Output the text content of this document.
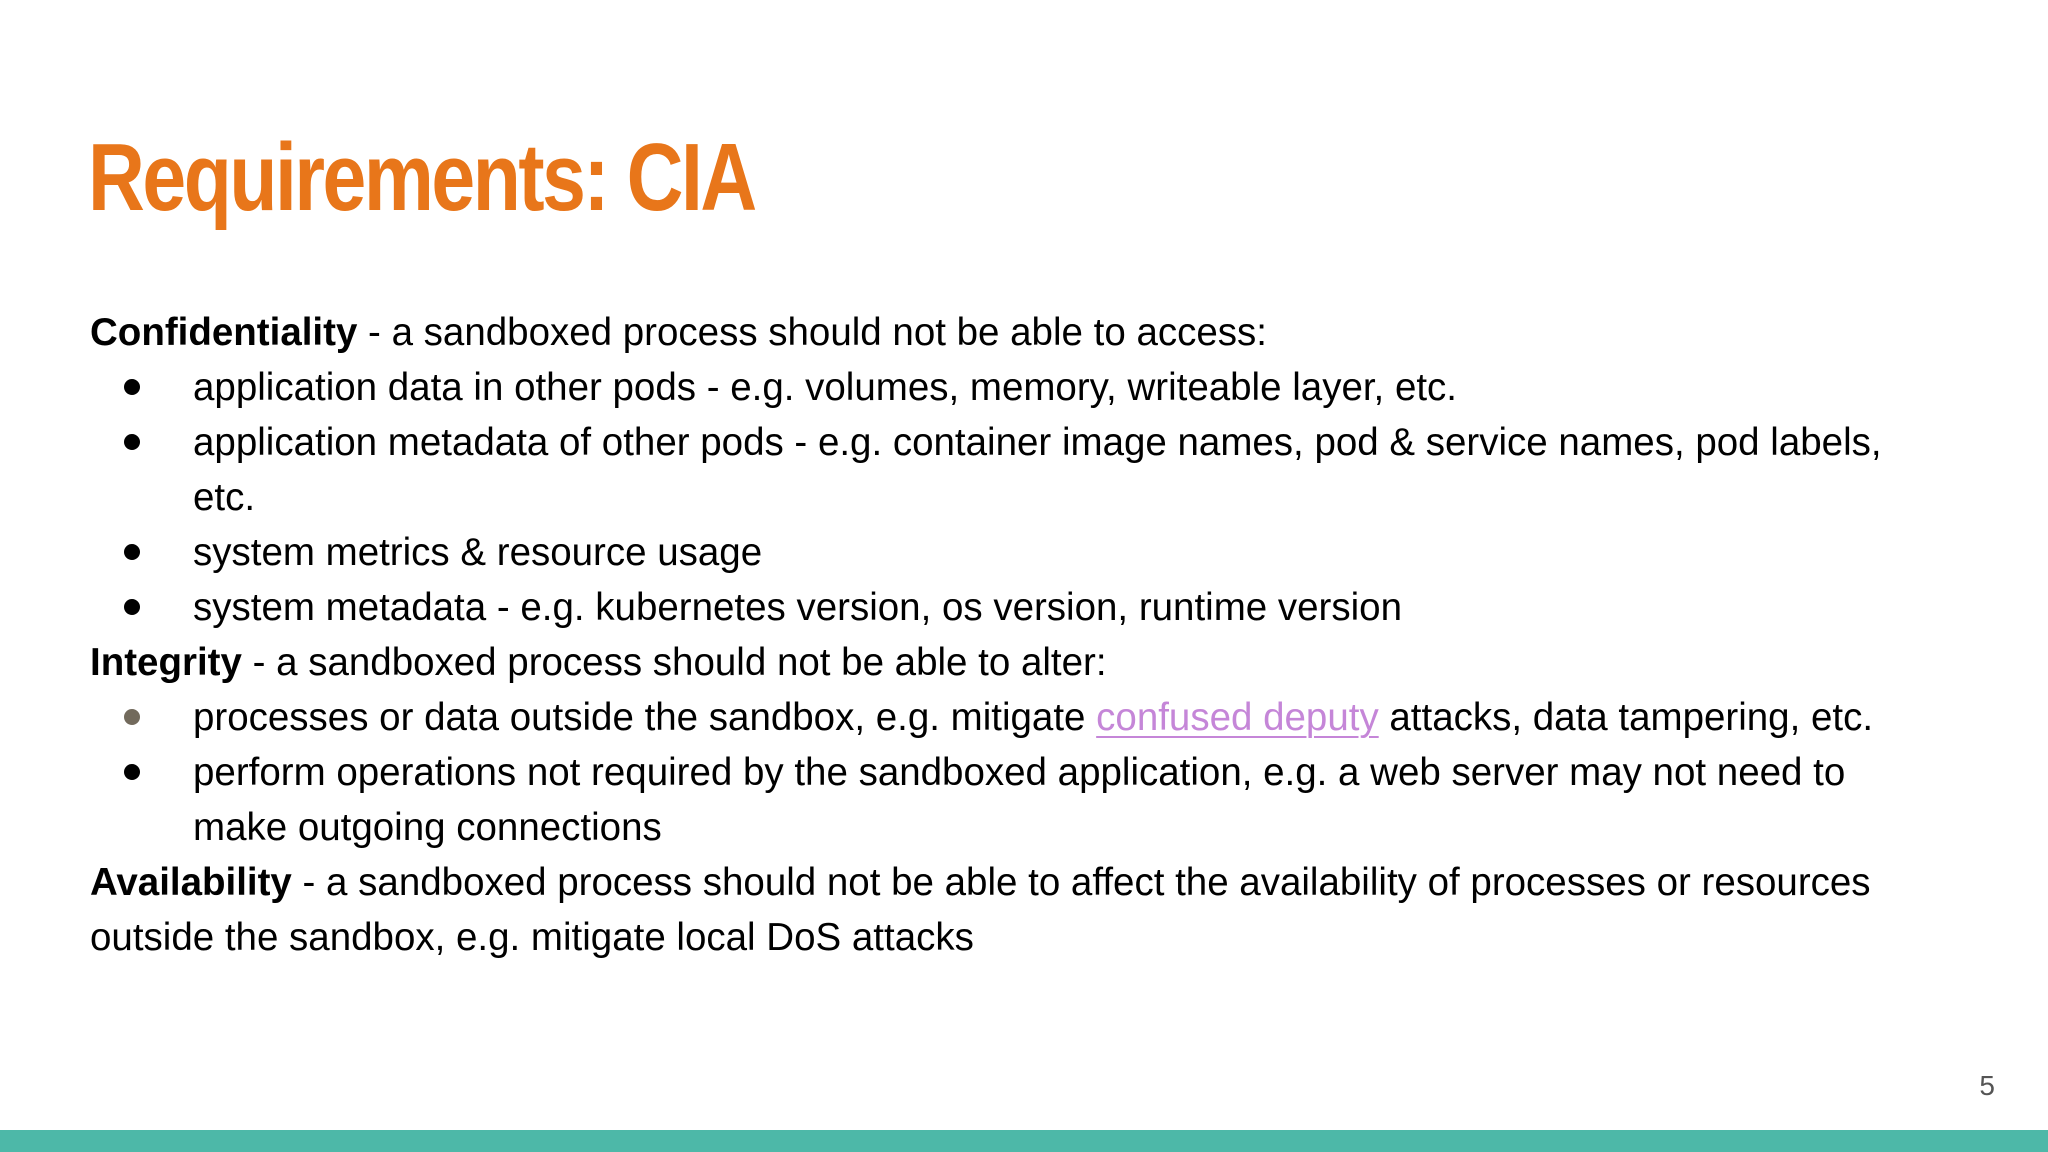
Requirements: CIA

Confidentiality - a sandboxed process should not be able to access:

application data in other pods - e.g. volumes, memory, writeable layer, etc.
application metadata of other pods - e.g. container image names, pod & service names, pod labels, etc.
system metrics & resource usage
system metadata - e.g. kubernetes version, os version, runtime version

Integrity - a sandboxed process should not be able to alter:

processes or data outside the sandbox, e.g. mitigate confused deputy attacks, data tampering, etc.
perform operations not required by the sandboxed application, e.g. a web server may not need to make outgoing connections

Availability - a sandboxed process should not be able to affect the availability of processes or resources outside the sandbox, e.g. mitigate local DoS attacks

5
